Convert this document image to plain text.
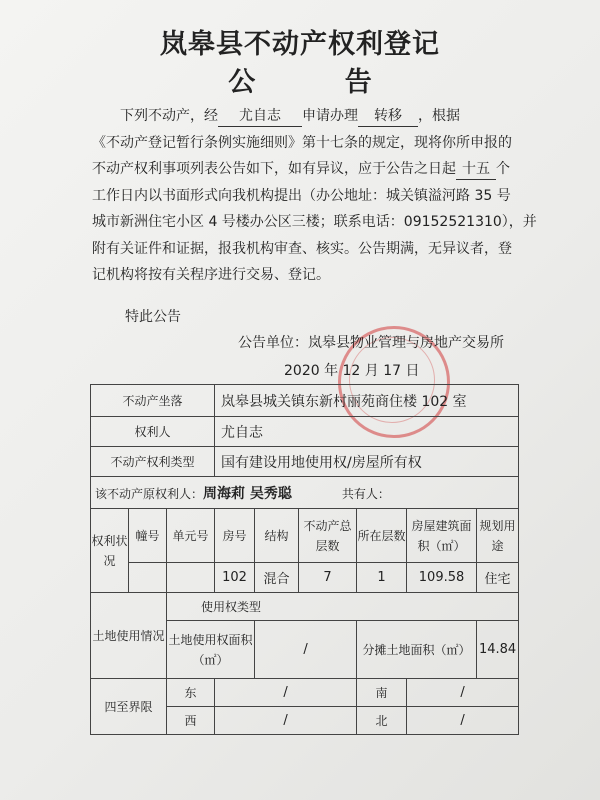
岚皋县不动产权利登记
公 告
下列不动产，经 尤自志 申请办理 转移 ，根据
《不动产登记暂行条例实施细则》第十七条的规定，现将你所申报的
不动产权利事项列表公告如下，如有异议，应于公告之日起 十五 个
工作日内以书面形式向我机构提出（办公地址：城关镇溢河路 35 号
城市新洲住宅小区 4 号楼办公区三楼；联系电话：09152521310），并
附有关证件和证据，报我机构审查、核实。公告期满，无异议者，登
记机构将按有关程序进行交易、登记。
特此公告
公告单位：岚皋县物业管理与房地产交易所
2020 年 12 月 17 日
不动产坐落			岚皋县城关镇东新村丽苑商住楼 102 室					
权利人			尤自志					
不动产权利类型			国有建设用地使用权/房屋所有权					
该不动产原权利人：周海莉 吴秀聪 共有人：								
权利状况	幢号	单元号	房号	结构	不动产总层数	所在层数	房屋建筑面积（㎡）	规划用途
			102	混合	7	1	109.58	住宅
土地使用情况		使用权类型						
		土地使用权面积（㎡）		/		分摊土地面积（㎡）		14.84
四至界限		东	/			南	/	
		西	/			北	/	
